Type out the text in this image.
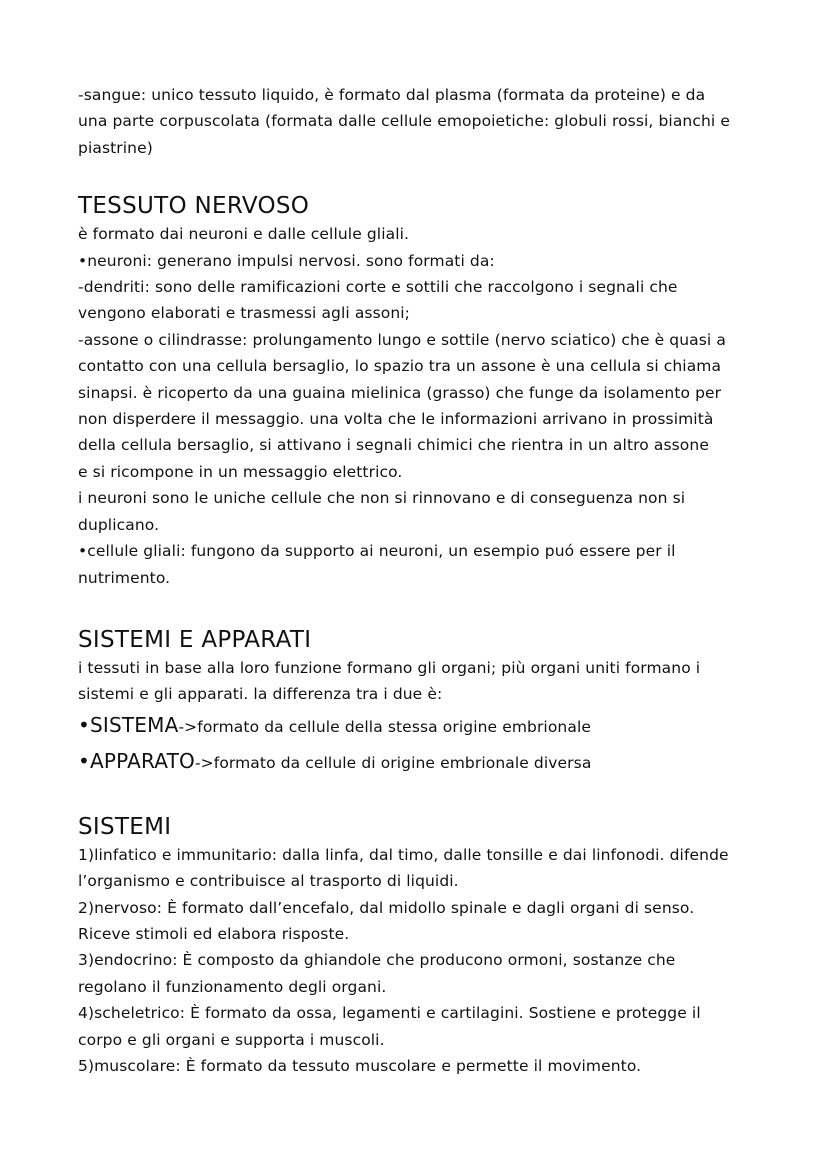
-sangue: unico tessuto liquido, è formato dal plasma (formata da proteine) e da

una parte corpuscolata (formata dalle cellule emopoietiche: globuli rossi, bianchi e

piastrine)

TESSUTO NERVOSO

è formato dai neuroni e dalle cellule gliali.

•neuroni: generano impulsi nervosi. sono formati da:

-dendriti: sono delle ramificazioni corte e sottili che raccolgono i segnali che

vengono elaborati e trasmessi agli assoni;

-assone o cilindrasse: prolungamento lungo e sottile (nervo sciatico) che è quasi a

contatto con una cellula bersaglio, lo spazio tra un assone è una cellula si chiama

sinapsi. è ricoperto da una guaina mielinica (grasso) che funge da isolamento per

non disperdere il messaggio. una volta che le informazioni arrivano in prossimità

della cellula bersaglio, si attivano i segnali chimici che rientra in un altro assone

e si ricompone in un messaggio elettrico.

i neuroni sono le uniche cellule che non si rinnovano e di conseguenza non si

duplicano.

•cellule gliali: fungono da supporto ai neuroni, un esempio puó essere per il

nutrimento.

SISTEMI E APPARATI

i tessuti in base alla loro funzione formano gli organi; più organi uniti formano i

sistemi e gli apparati. la differenza tra i due è:

•SISTEMA->formato da cellule della stessa origine embrionale

•APPARATO->formato da cellule di origine embrionale diversa

SISTEMI

1)linfatico e immunitario: dalla linfa, dal timo, dalle tonsille e dai linfonodi. difende

l’organismo e contribuisce al trasporto di liquidi.

2)nervoso: È formato dall’encefalo, dal midollo spinale e dagli organi di senso.

Riceve stimoli ed elabora risposte.

3)endocrino: È composto da ghiandole che producono ormoni, sostanze che

regolano il funzionamento degli organi.

4)scheletrico: È formato da ossa, legamenti e cartilagini. Sostiene e protegge il

corpo e gli organi e supporta i muscoli.

5)muscolare: È formato da tessuto muscolare e permette il movimento.
